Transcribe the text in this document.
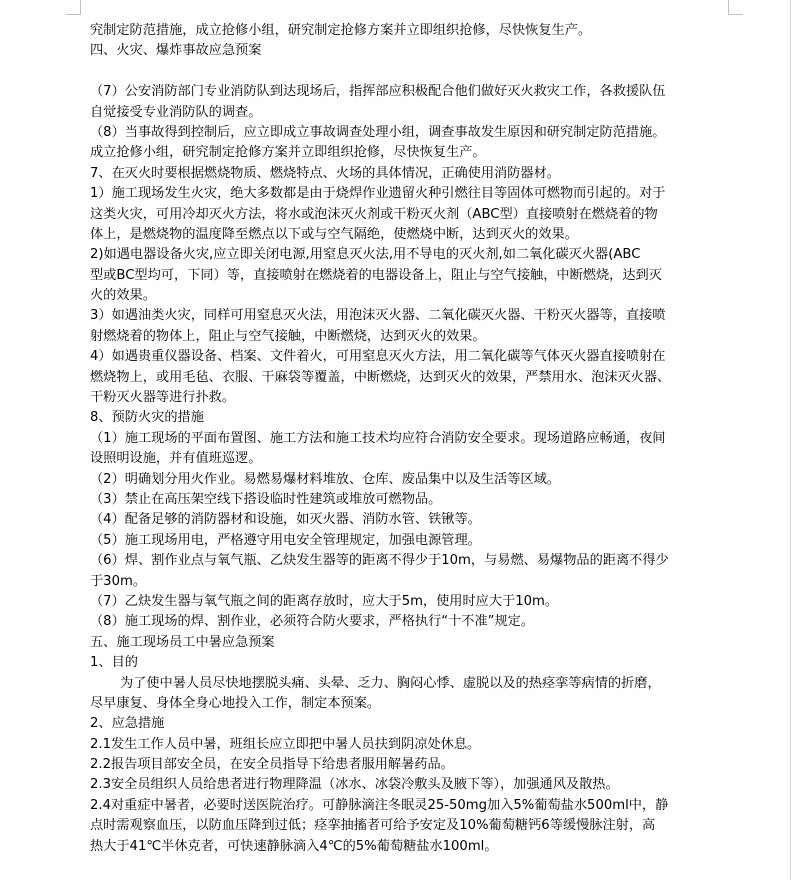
究制定防范措施，成立抢修小组，研究制定抢修方案并立即组织抢修，尽快恢复生产。
四、火灾、爆炸事故应急预案
（7）公安消防部门专业消防队到达现场后，指挥部应积极配合他们做好灭火救灾工作，各救援队伍
自觉接受专业消防队的调查。
（8）当事故得到控制后，应立即成立事故调查处理小组，调查事故发生原因和研究制定防范措施。
成立抢修小组，研究制定抢修方案并立即组织抢修，尽快恢复生产。
7、在灭火时要根据燃烧物质、燃烧特点、火场的具体情况，正确使用消防器材。
1）施工现场发生火灾，绝大多数都是由于烧焊作业遗留火种引燃往目等固体可燃物而引起的。对于
这类火灾，可用冷却灭火方法，将水或泡沫灭火剂或干粉灭火剂（ABC型）直接喷射在燃烧着的物
体上，是燃烧物的温度降至燃点以下或与空气隔绝，使燃烧中断，达到灭火的效果。
2)如遇电器设备火灾,应立即关闭电源,用窒息灭火法,用不导电的灭火剂,如二氧化碳灭火器(ABC
型或BC型均可，下同）等，直接喷射在燃烧着的电器设备上，阻止与空气接触，中断燃烧，达到灭
火的效果。
3）如遇油类火灾，同样可用窒息灭火法，用泡沫灭火器、二氧化碳灭火器、干粉灭火器等，直接喷
射燃烧着的物体上，阻止与空气接触，中断燃烧，达到灭火的效果。
4）如遇贵重仪器设备、档案、文件着火，可用窒息灭火方法，用二氧化碳等气体灭火器直接喷射在
燃烧物上，或用毛毡、衣服、干麻袋等覆盖，中断燃烧，达到灭火的效果，严禁用水、泡沫灭火器、
干粉灭火器等进行扑救。
8、预防火灾的措施
（1）施工现场的平面布置图、施工方法和施工技术均应符合消防安全要求。现场道路应畅通，夜间
设照明设施，并有值班巡逻。
（2）明确划分用火作业。易燃易爆材料堆放、仓库、废品集中以及生活等区域。
（3）禁止在高压架空线下搭设临时性建筑或堆放可燃物品。
（4）配备足够的消防器材和设施，如灭火器、消防水管、铁锹等。
（5）施工现场用电，严格遵守用电安全管理规定，加强电源管理。
（6）焊、割作业点与氧气瓶、乙炔发生器等的距离不得少于10m，与易燃、易爆物品的距离不得少
于30m。
（7）乙炔发生器与氧气瓶之间的距离存放时，应大于5m，使用时应大于10m。
（8）施工现场的焊、割作业，必须符合防火要求，严格执行“十不准”规定。
五、施工现场员工中暑应急预案
1、目的
为了使中暑人员尽快地摆脱头痛、头晕、乏力、胸闷心悸、虚脱以及的热痉挛等病情的折磨，
尽早康复、身体全身心地投入工作，制定本预案。
2、应急措施
2.1发生工作人员中暑，班组长应立即把中暑人员扶到阴凉处休息。
2.2报告项目部安全员，在安全员指导下给患者服用解暑药品。
2.3安全员组织人员给患者进行物理降温（冰水、冰袋冷敷头及腋下等），加强通风及散热。
2.4对重症中暑者，必要时送医院治疗。可静脉滴注冬眠灵25-50mg加入5%葡萄盐水500ml中，静
点时需观察血压，以防血压降到过低；痉挛抽搐者可给予安定及10%葡萄糖钙6等缓慢脉注射，高
热大于41℃半休克者，可快速静脉滴入4℃的5%葡萄糖盐水100ml。
